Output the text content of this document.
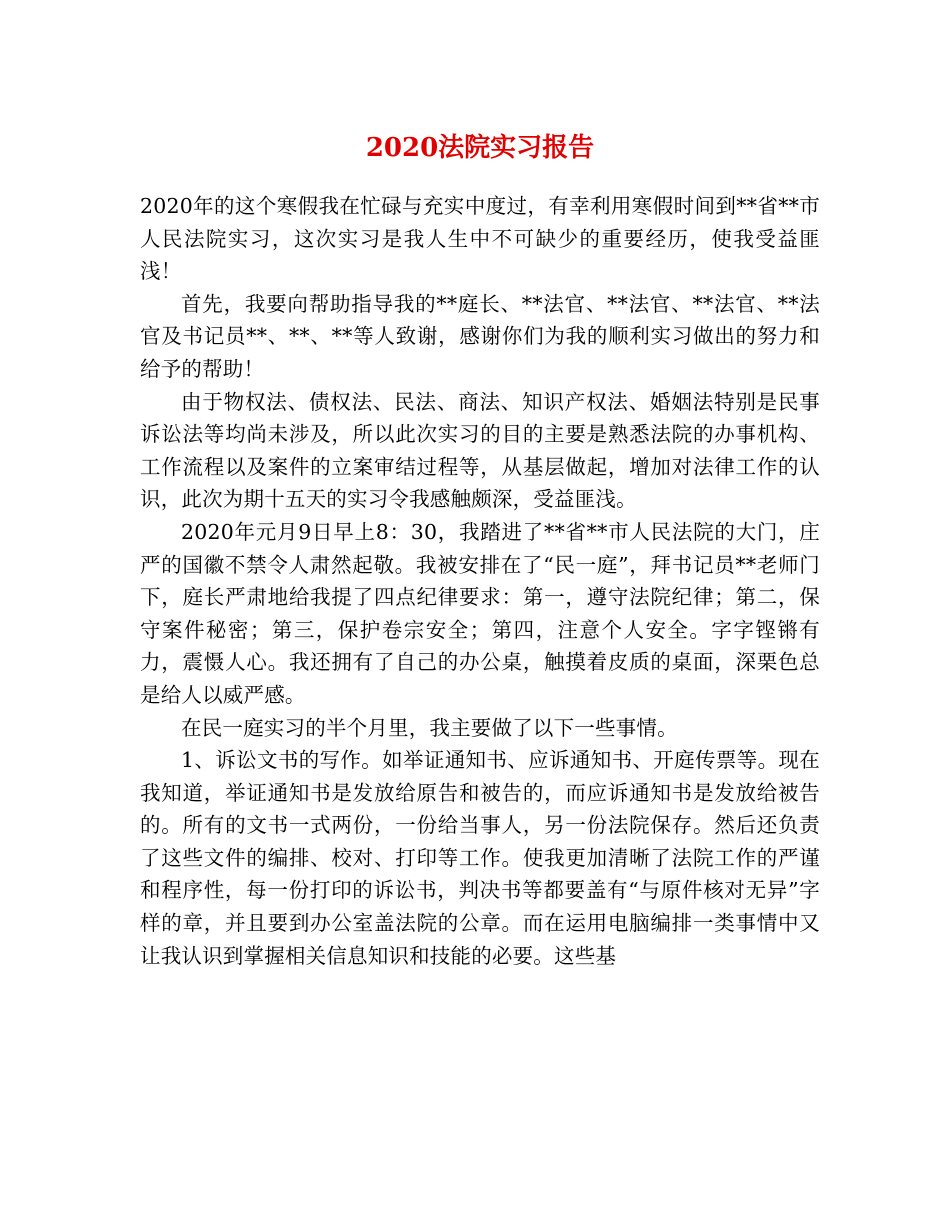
2020法院实习报告

2020年的这个寒假我在忙碌与充实中度过，有幸利用寒假时间到**省**市人民法院实习，这次实习是我人生中不可缺少的重要经历，使我受益匪浅！

首先，我要向帮助指导我的**庭长、**法官、**法官、**法官、**法官及书记员**、**、**等人致谢，感谢你们为我的顺利实习做出的努力和给予的帮助！

由于物权法、债权法、民法、商法、知识产权法、婚姻法特别是民事诉讼法等均尚未涉及，所以此次实习的目的主要是熟悉法院的办事机构、工作流程以及案件的立案审结过程等，从基层做起，增加对法律工作的认识，此次为期十五天的实习令我感触颇深，受益匪浅。

2020年元月9日早上8：30，我踏进了**省**市人民法院的大门，庄严的国徽不禁令人肃然起敬。我被安排在了“民一庭”，拜书记员**老师门下，庭长严肃地给我提了四点纪律要求：第一，遵守法院纪律；第二，保守案件秘密；第三，保护卷宗安全；第四，注意个人安全。字字铿锵有力，震慑人心。我还拥有了自己的办公桌，触摸着皮质的桌面，深栗色总是给人以威严感。

在民一庭实习的半个月里，我主要做了以下一些事情。

1、诉讼文书的写作。如举证通知书、应诉通知书、开庭传票等。现在我知道，举证通知书是发放给原告和被告的，而应诉通知书是发放给被告的。所有的文书一式两份，一份给当事人，另一份法院保存。然后还负责了这些文件的编排、校对、打印等工作。使我更加清晰了法院工作的严谨和程序性，每一份打印的诉讼书，判决书等都要盖有“与原件核对无异”字样的章，并且要到办公室盖法院的公章。而在运用电脑编排一类事情中又让我认识到掌握相关信息知识和技能的必要。这些基
